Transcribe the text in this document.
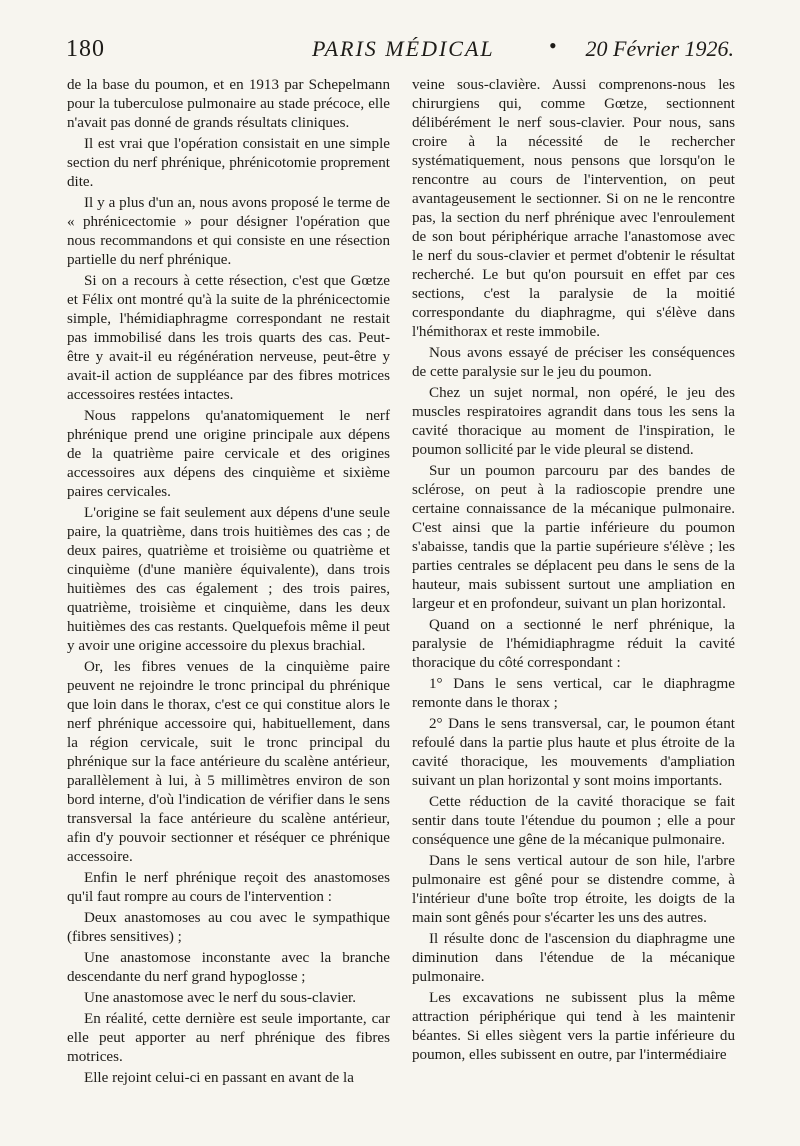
180	PARIS MÉDICAL • 20 Février 1926.

de la base du poumon, et en 1913 par Schepelmann pour la tuberculose pulmonaire au stade précoce, elle n'avait pas donné de grands résultats cliniques.

Il est vrai que l'opération consistait en une simple section du nerf phrénique, phrénicotomie proprement dite.

Il y a plus d'un an, nous avons proposé le terme de « phrénicectomie » pour désigner l'opération que nous recommandons et qui consiste en une résection partielle du nerf phrénique.

Si on a recours à cette résection, c'est que Gœtze et Félix ont montré qu'à la suite de la phrénicectomie simple, l'hémidiaphragme correspondant ne restait pas immobilisé dans les trois quarts des cas. Peut-être y avait-il eu régénération nerveuse, peut-être y avait-il action de suppléance par des fibres motrices accessoires restées intactes.

Nous rappelons qu'anatomiquement le nerf phrénique prend une origine principale aux dépens de la quatrième paire cervicale et des origines accessoires aux dépens des cinquième et sixième paires cervicales.

L'origine se fait seulement aux dépens d'une seule paire, la quatrième, dans trois huitièmes des cas ; de deux paires, quatrième et troisième ou quatrième et cinquième (d'une manière équivalente), dans trois huitièmes des cas également ; des trois paires, quatrième, troisième et cinquième, dans les deux huitièmes des cas restants. Quelquefois même il peut y avoir une origine accessoire du plexus brachial.

Or, les fibres venues de la cinquième paire peuvent ne rejoindre le tronc principal du phrénique que loin dans le thorax, c'est ce qui constitue alors le nerf phrénique accessoire qui, habituellement, dans la région cervicale, suit le tronc principal du phrénique sur la face antérieure du scalène antérieur, parallèlement à lui, à 5 millimètres environ de son bord interne, d'où l'indication de vérifier dans le sens transversal la face antérieure du scalène antérieur, afin d'y pouvoir sectionner et réséquer ce phrénique accessoire.

Enfin le nerf phrénique reçoit des anastomoses qu'il faut rompre au cours de l'intervention :

Deux anastomoses au cou avec le sympathique (fibres sensitives) ;

Une anastomose inconstante avec la branche descendante du nerf grand hypoglosse ;

Une anastomose avec le nerf du sous-clavier.

En réalité, cette dernière est seule importante, car elle peut apporter au nerf phrénique des fibres motrices.

Elle rejoint celui-ci en passant en avant de la

veine sous-clavière. Aussi comprenons-nous les chirurgiens qui, comme Gœtze, sectionnent délibérément le nerf sous-clavier. Pour nous, sans croire à la nécessité de le rechercher systématiquement, nous pensons que lorsqu'on le rencontre au cours de l'intervention, on peut avantageusement le sectionner. Si on ne le rencontre pas, la section du nerf phrénique avec l'enroulement de son bout périphérique arrache l'anastomose avec le nerf du sous-clavier et permet d'obtenir le résultat recherché. Le but qu'on poursuit en effet par ces sections, c'est la paralysie de la moitié correspondante du diaphragme, qui s'élève dans l'hémithorax et reste immobile.

Nous avons essayé de préciser les conséquences de cette paralysie sur le jeu du poumon.

Chez un sujet normal, non opéré, le jeu des muscles respiratoires agrandit dans tous les sens la cavité thoracique au moment de l'inspiration, le poumon sollicité par le vide pleural se distend.

Sur un poumon parcouru par des bandes de sclérose, on peut à la radioscopie prendre une certaine connaissance de la mécanique pulmonaire. C'est ainsi que la partie inférieure du poumon s'abaisse, tandis que la partie supérieure s'élève ; les parties centrales se déplacent peu dans le sens de la hauteur, mais subissent surtout une ampliation en largeur et en profondeur, suivant un plan horizontal.

Quand on a sectionné le nerf phrénique, la paralysie de l'hémidiaphragme réduit la cavité thoracique du côté correspondant :

1° Dans le sens vertical, car le diaphragme remonte dans le thorax ;

2° Dans le sens transversal, car, le poumon étant refoulé dans la partie plus haute et plus étroite de la cavité thoracique, les mouvements d'ampliation suivant un plan horizontal y sont moins importants.

Cette réduction de la cavité thoracique se fait sentir dans toute l'étendue du poumon ; elle a pour conséquence une gêne de la mécanique pulmonaire.

Dans le sens vertical autour de son hile, l'arbre pulmonaire est gêné pour se distendre comme, à l'intérieur d'une boîte trop étroite, les doigts de la main sont gênés pour s'écarter les uns des autres.

Il résulte donc de l'ascension du diaphragme une diminution dans l'étendue de la mécanique pulmonaire.

Les excavations ne subissent plus la même attraction périphérique qui tend à les maintenir béantes. Si elles siègent vers la partie inférieure du poumon, elles subissent en outre, par l'intermédiaire
